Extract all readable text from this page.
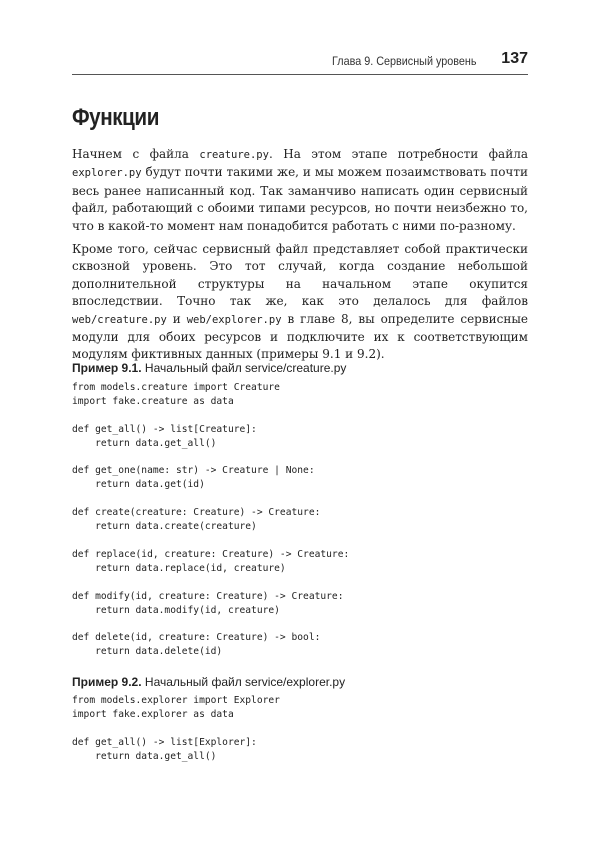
Глава 9. Сервисный уровень 137
Функции

Начнем с файла creature.py. На этом этапе потребности файла explorer.py будут почти такими же, и мы можем позаимствовать почти весь ранее написанный код. Так заманчиво написать один сервисный файл, работающий с обоими типами ресурсов, но почти неизбежно то, что в какой-то момент нам понадобится работать с ними по-разному.

Кроме того, сейчас сервисный файл представляет собой практически сквозной уровень. Это тот случай, когда создание небольшой дополнительной структуры на начальном этапе окупится впоследствии. Точно так же, как это делалось для файлов web/creature.py и web/explorer.py в главе 8, вы определите сервисные модули для обоих ресурсов и подключите их к соответствующим модулям фиктивных данных (примеры 9.1 и 9.2).

Пример 9.1. Начальный файл service/creature.py

from models.creature import Creature
import fake.creature as data

def get_all() -> list[Creature]:
return data.get_all()

def get_one(name: str) -> Creature | None:
return data.get(id)

def create(creature: Creature) -> Creature:
return data.create(creature)

def replace(id, creature: Creature) -> Creature:
return data.replace(id, creature)

def modify(id, creature: Creature) -> Creature:
return data.modify(id, creature)

def delete(id, creature: Creature) -> bool:
return data.delete(id)

Пример 9.2. Начальный файл service/explorer.py

from models.explorer import Explorer
import fake.explorer as data

def get_all() -> list[Explorer]:
return data.get_all()
